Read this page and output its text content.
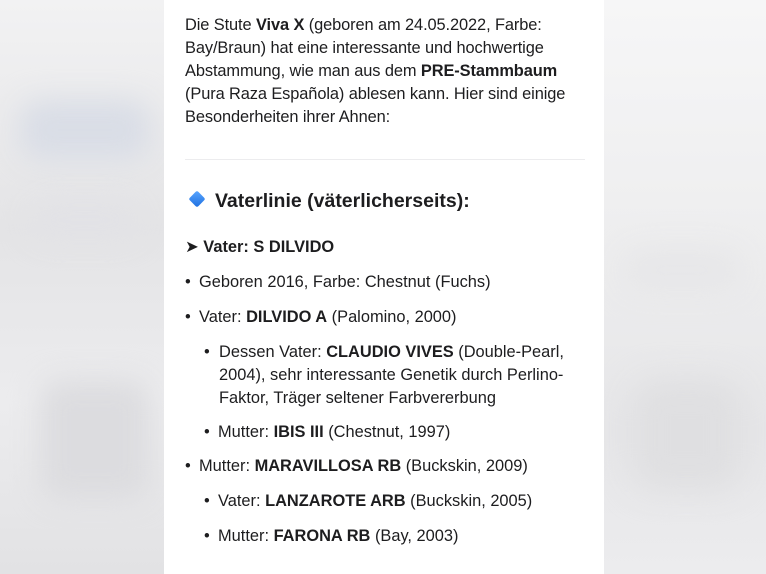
Die Stute Viva X (geboren am 24.05.2022, Farbe: Bay/Braun) hat eine interessante und hochwertige Abstammung, wie man aus dem PRE-Stammbaum (Pura Raza Española) ablesen kann. Hier sind einige Besonderheiten ihrer Ahnen:
Vaterlinie (väterlicherseits):
➤ Vater: S DILVIDO
• Geboren 2016, Farbe: Chestnut (Fuchs)
• Vater: DILVIDO A (Palomino, 2000)
• Dessen Vater: CLAUDIO VIVES (Double-Pearl, 2004), sehr interessante Genetik durch Perlino-Faktor, Träger seltener Farbvererbung
• Mutter: IBIS III (Chestnut, 1997)
• Mutter: MARAVILLOSA RB (Buckskin, 2009)
• Vater: LANZAROTE ARB (Buckskin, 2005)
• Mutter: FARONA RB (Bay, 2003)
